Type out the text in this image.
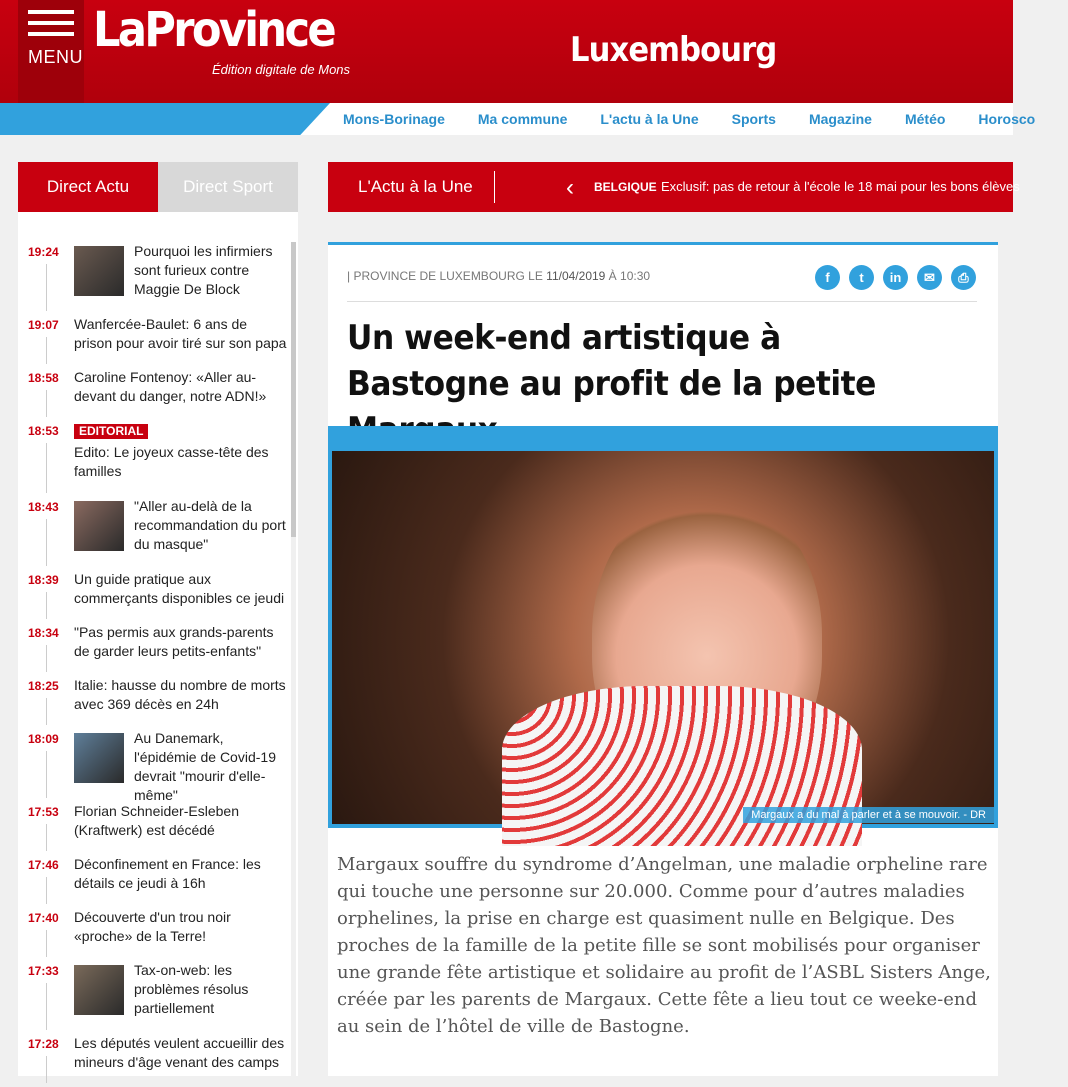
MENU LaProvince
Édition digitale de Mons	Luxembourg
Mons-Borinage Ma commune L'actu à la Une Sports Magazine Météo Horosco
Direct Actu	Direct Sport
19:24	Pourquoi les infirmiers sont furieux contre Maggie De Block
19:07	Wanfercée-Baulet: 6 ans de prison pour avoir tiré sur son papa
18:58	Caroline Fontenoy: «Aller au-devant du danger, notre ADN!»
18:53	EDITORIAL
Edito: Le joyeux casse-tête des familles
18:43	"Aller au-delà de la recommandation du port du masque"
18:39	Un guide pratique aux commerçants disponibles ce jeudi
18:34	"Pas permis aux grands-parents de garder leurs petits-enfants"
18:25	Italie: hausse du nombre de morts avec 369 décès en 24h
18:09	Au Danemark, l'épidémie de Covid-19 devrait "mourir d'elle-même"
17:53	Florian Schneider-Esleben (Kraftwerk) est décédé
17:46	Déconfinement en France: les détails ce jeudi à 16h
17:40	Découverte d'un trou noir «proche» de la Terre!
17:33	Tax-on-web: les problèmes résolus partiellement
17:28	Les députés veulent accueillir des mineurs d'âge venant des camps
L'Actu à la Une	‹ BELGIQUE Exclusif: pas de retour à l'école le 18 mai pour les bons élèves
| PROVINCE DE LUXEMBOURG LE 11/04/2019 À 10:30	f	t	in	✉	⎙
Un week-end artistique à Bastogne au profit de la petite
Margaux a du mal à parler et à se mouvoir. - DR

Margaux souffre du syndrome d’Angelman, une maladie orpheline rare qui touche une personne sur 20.000. Comme pour d’autres maladies orphelines, la prise en charge est quasiment nulle en Belgique. Des proches de la famille de la petite fille se sont mobilisés pour organiser une grande fête artistique et solidaire au profit de l’ASBL Sisters Ange, créée par les parents de Margaux. Cette fête a lieu tout ce weeke-end au sein de l’hôtel de ville de Bastogne.
